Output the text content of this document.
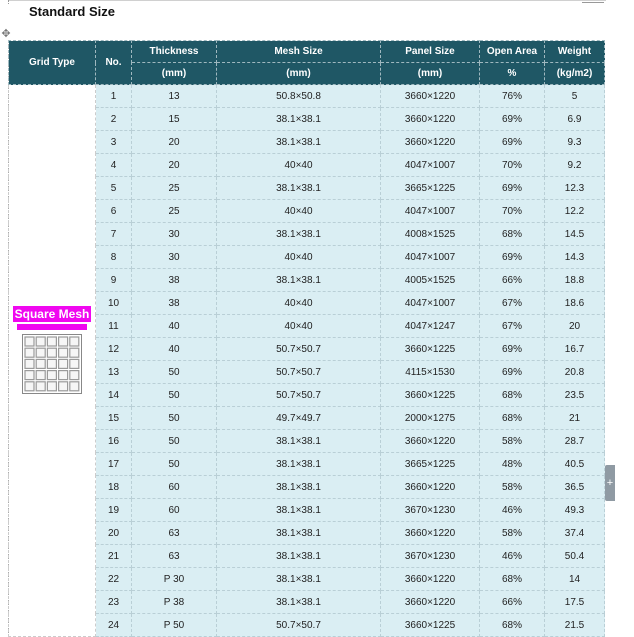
Standard Size
✥
Grid Type	No.	Thickness	Mesh Size	Panel Size	Open Area	Weight
		(mm)	(mm)	(mm)	%	(kg/m2)

Square Mesh	1	13	50.8×50.8	3660×1220	76%	5
	2	15	38.1×38.1	3660×1220	69%	6.9
	3	20	38.1×38.1	3660×1220	69%	9.3
	4	20	40×40	4047×1007	70%	9.2
	5	25	38.1×38.1	3665×1225	69%	12.3
	6	25	40×40	4047×1007	70%	12.2
	7	30	38.1×38.1	4008×1525	68%	14.5
	8	30	40×40	4047×1007	69%	14.3
	9	38	38.1×38.1	4005×1525	66%	18.8
	10	38	40×40	4047×1007	67%	18.6
	11	40	40×40	4047×1247	67%	20
	12	40	50.7×50.7	3660×1225	69%	16.7
	13	50	50.7×50.7	4115×1530	69%	20.8
	14	50	50.7×50.7	3660×1225	68%	23.5
	15	50	49.7×49.7	2000×1275	68%	21
	16	50	38.1×38.1	3660×1220	58%	28.7
	17	50	38.1×38.1	3665×1225	48%	40.5
	18	60	38.1×38.1	3660×1220	58%	36.5
	19	60	38.1×38.1	3670×1230	46%	49.3
	20	63	38.1×38.1	3660×1220	58%	37.4
	21	63	38.1×38.1	3670×1230	46%	50.4
	22	P 30	38.1×38.1	3660×1220	68%	14
	23	P 38	38.1×38.1	3660×1220	66%	17.5
	24	P 50	50.7×50.7	3660×1225	68%	21.5
+
